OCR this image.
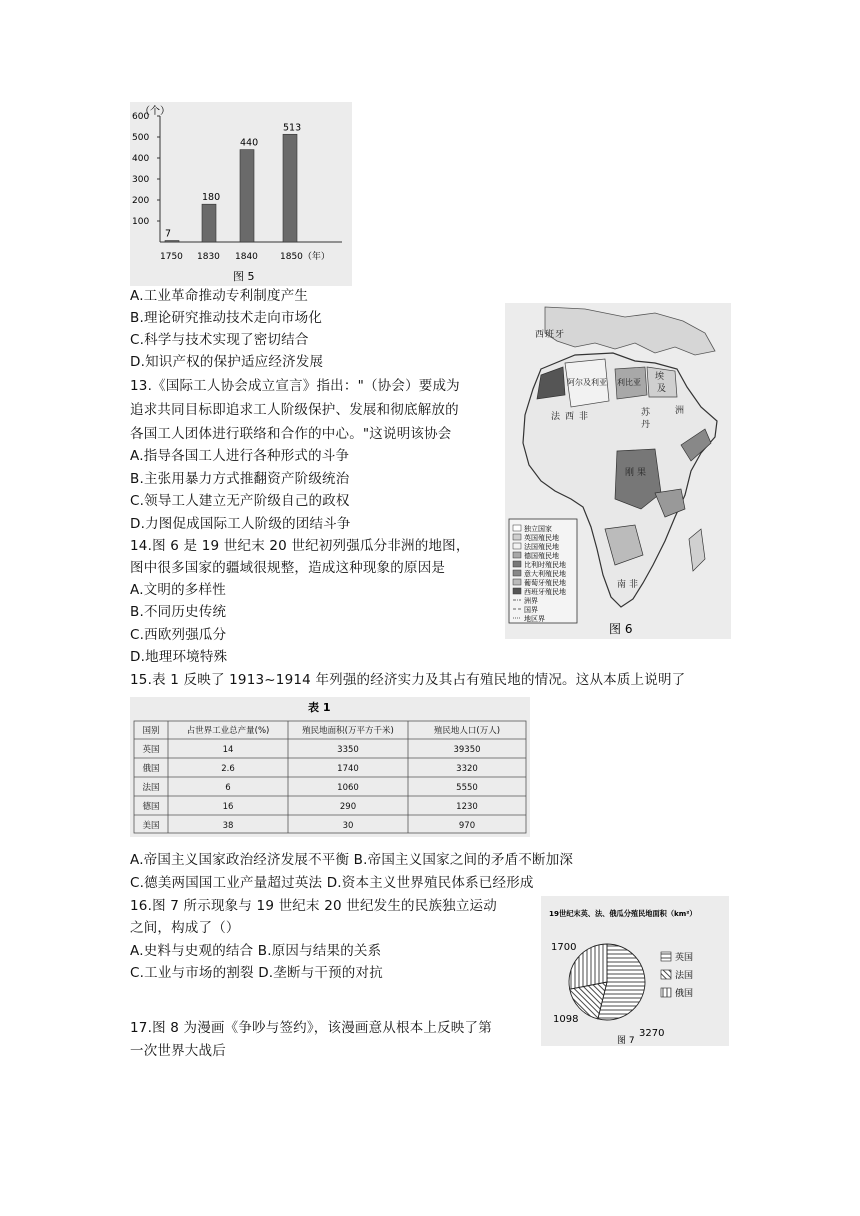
（个）
600
500
400
300
200
100
7
1750
180
1830
440
1840
513
1850（年）
图 5
A.工业革命推动专利制度产生
B.理论研究推动技术走向市场化
C.科学与技术实现了密切结合
D.知识产权的保护适应经济发展
13.《国际工人协会成立宣言》指出："（协会）要成为
追求共同目标即追求工人阶级保护、发展和彻底解放的
各国工人团体进行联络和合作的中心。"这说明该协会
A.指导各国工人进行各种形式的斗争
B.主张用暴力方式推翻资产阶级统治
C.领导工人建立无产阶级自己的政权
D.力图促成国际工人阶级的团结斗争
西 班 牙
阿尔及利亚 利比亚
埃
及
法 西 非	苏
丹
刚 果
洲
南 非
独立国家
英国殖民地
法国殖民地
德国殖民地
比利时殖民地
意大利殖民地
葡萄牙殖民地
西班牙殖民地
洲界
国界
地区界
图 6
14.图 6 是 19 世纪末 20 世纪初列强瓜分非洲的地图，
图中很多国家的疆域很规整，造成这种现象的原因是
A.文明的多样性
B.不同历史传统
C.西欧列强瓜分
D.地理环境特殊
15.表 1 反映了 1913~1914 年列强的经济实力及其占有殖民地的情况。这从本质上说明了
表 1
国别	占世界工业总产量(%)	殖民地面积(万平方千米)	殖民地人口(万人)
英国	14	3350	39350
俄国	2.6	1740	3320
法国	6	1060	5550
德国	16	290	1230
美国	38	30	970
A.帝国主义国家政治经济发展不平衡 B.帝国主义国家之间的矛盾不断加深
C.德美两国国工业产量超过英法 D.资本主义世界殖民体系已经形成
16.图 7 所示现象与 19 世纪末 20 世纪发生的民族独立运动
之间，构成了（）
A.史料与史观的结合 B.原因与结果的关系
C.工业与市场的割裂 D.垄断与干预的对抗
19世纪末英、法、俄瓜分殖民地面积（km²）
1700
1098
3270
英国
法国
俄国
图 7
17.图 8 为漫画《争吵与签约》，该漫画意从根本上反映了第
一次世界大战后
